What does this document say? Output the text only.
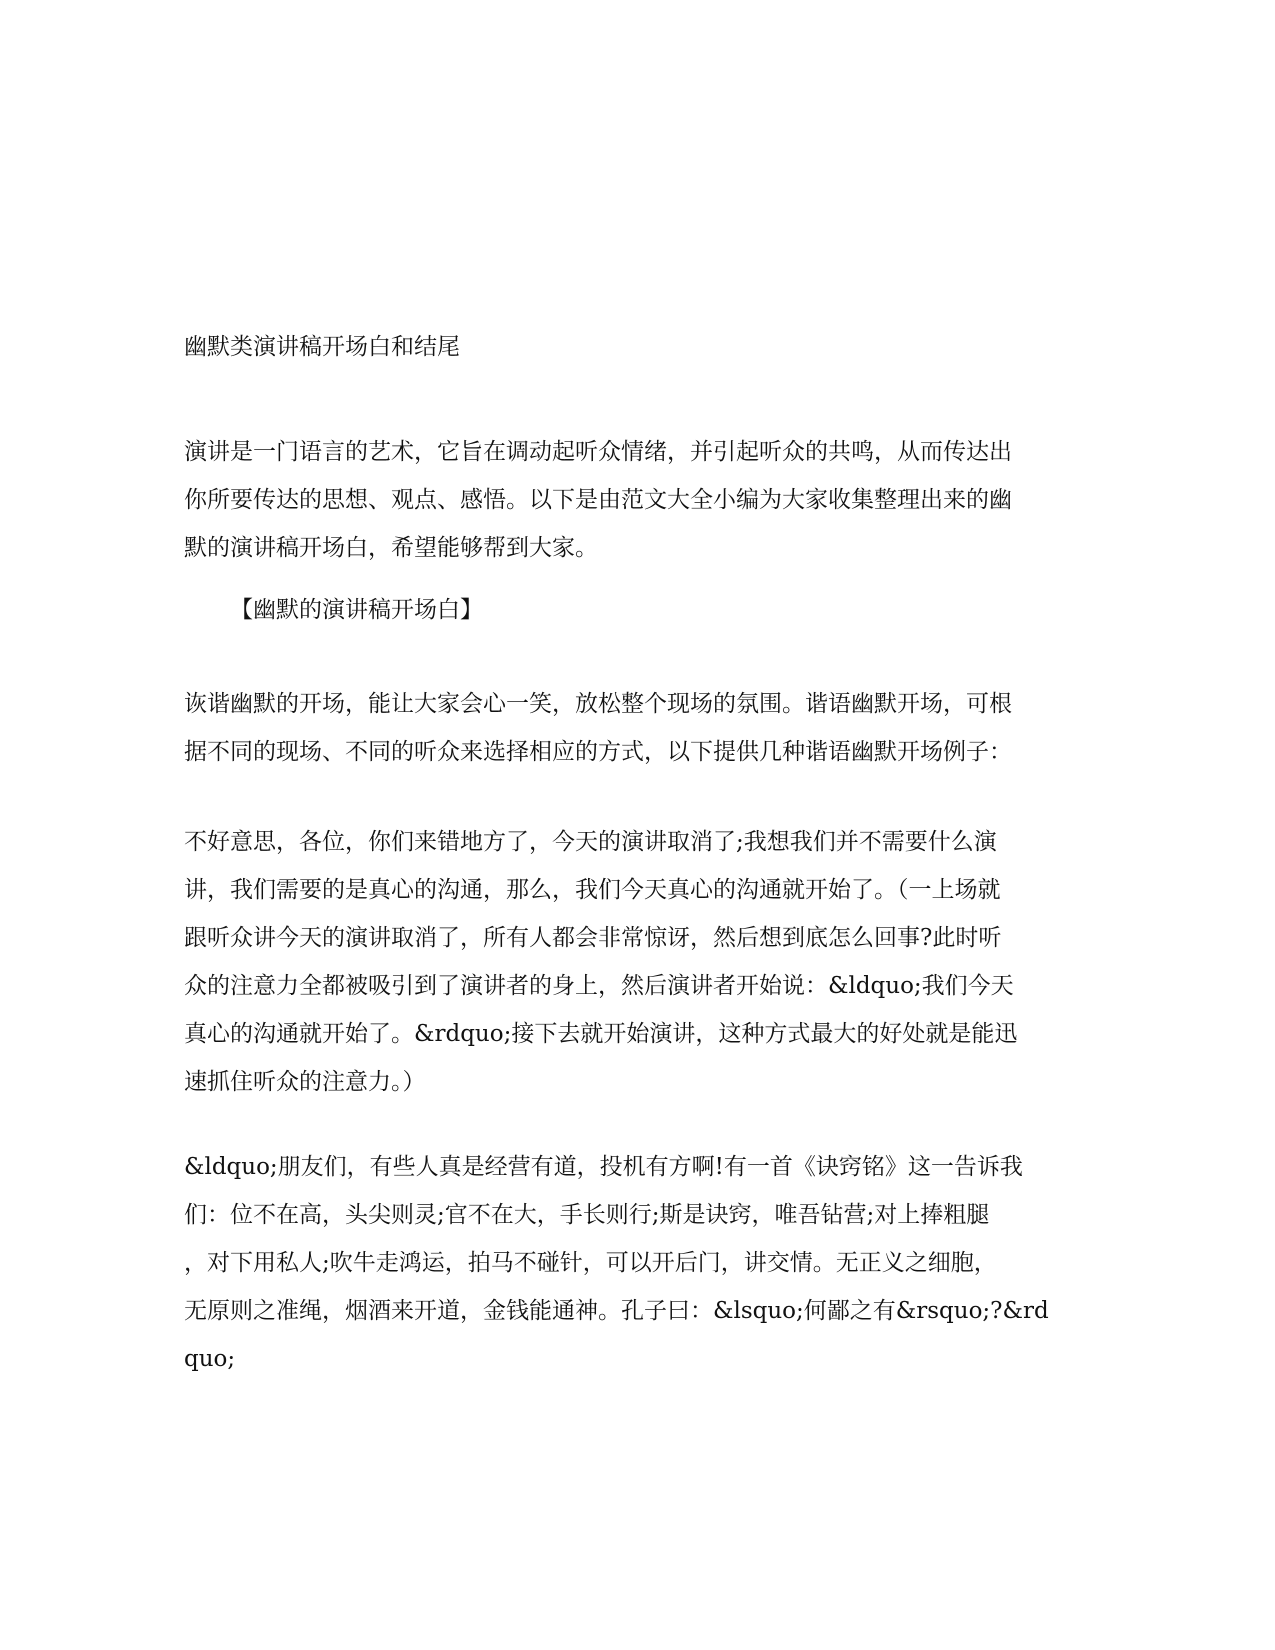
幽默类演讲稿开场白和结尾
演讲是一门语言的艺术，它旨在调动起听众情绪，并引起听众的共鸣，从而传达出
你所要传达的思想、观点、感悟。以下是由范文大全小编为大家收集整理出来的幽
默的演讲稿开场白，希望能够帮到大家。
【幽默的演讲稿开场白】
诙谐幽默的开场，能让大家会心一笑，放松整个现场的氛围。谐语幽默开场，可根
据不同的现场、不同的听众来选择相应的方式，以下提供几种谐语幽默开场例子：
不好意思，各位，你们来错地方了，今天的演讲取消了;我想我们并不需要什么演
讲，我们需要的是真心的沟通，那么，我们今天真心的沟通就开始了。（一上场就
跟听众讲今天的演讲取消了，所有人都会非常惊讶，然后想到底怎么回事?此时听
众的注意力全都被吸引到了演讲者的身上，然后演讲者开始说：&ldquo;我们今天
真心的沟通就开始了。&rdquo;接下去就开始演讲，这种方式最大的好处就是能迅
速抓住听众的注意力。）
&ldquo;朋友们，有些人真是经营有道，投机有方啊!有一首《诀窍铭》这一告诉我
们：位不在高，头尖则灵;官不在大，手长则行;斯是诀窍，唯吾钻营;对上捧粗腿
，对下用私人;吹牛走鸿运，拍马不碰针，可以开后门，讲交情。无正义之细胞，
无原则之准绳，烟酒来开道，金钱能通神。孔子曰：&lsquo;何鄙之有&rsquo;?&rd
quo;
